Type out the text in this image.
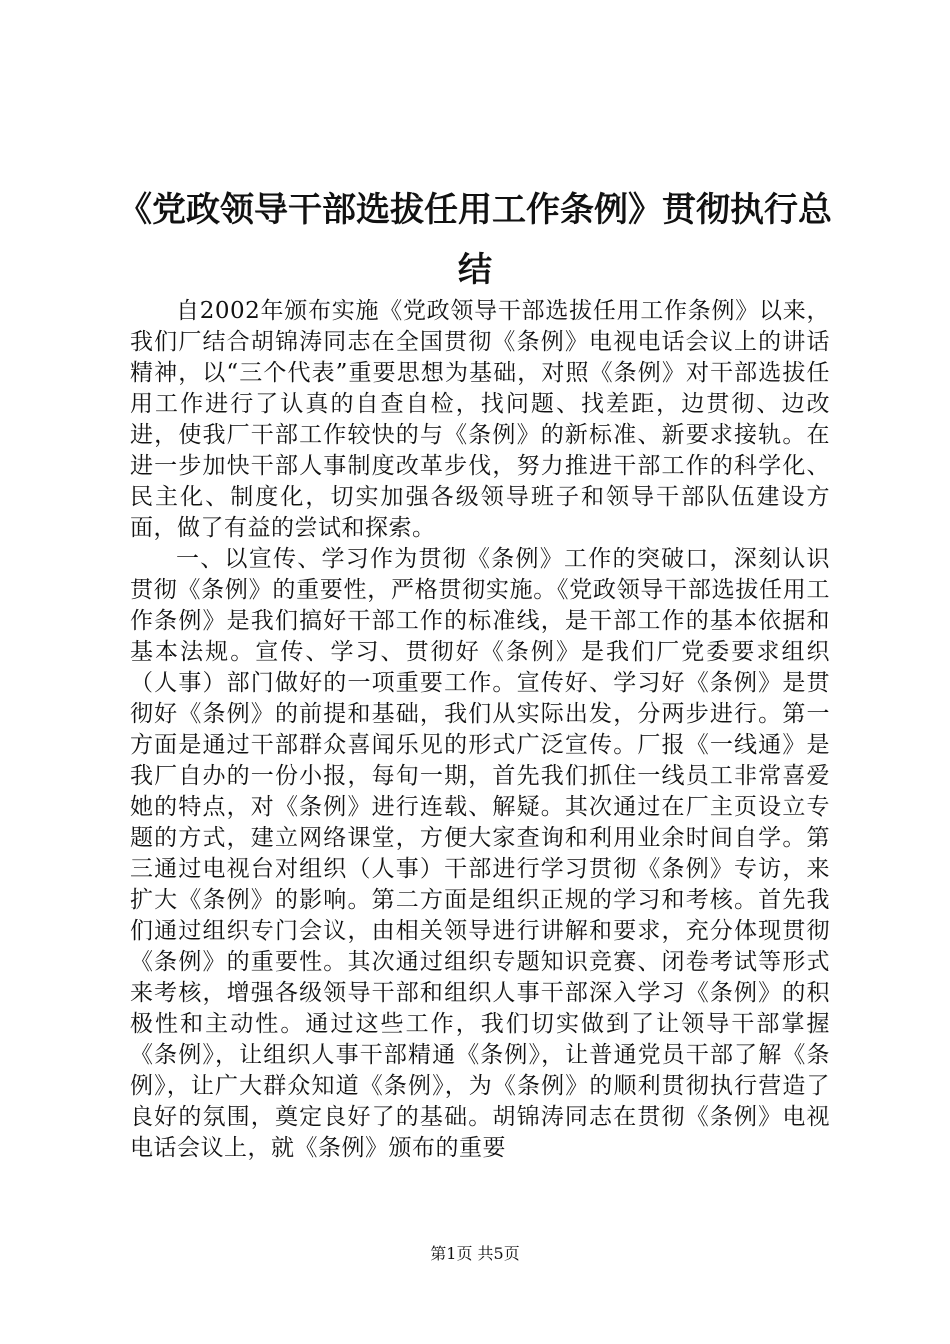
《党政领导干部选拔任用工作条例》贯彻执行总结

自2002年颁布实施《党政领导干部选拔任用工作条例》以来，我们厂结合胡锦涛同志在全国贯彻《条例》电视电话会议上的讲话精神，以“三个代表”重要思想为基础，对照《条例》对干部选拔任用工作进行了认真的自查自检，找问题、找差距，边贯彻、边改进，使我厂干部工作较快的与《条例》的新标准、新要求接轨。在进一步加快干部人事制度改革步伐，努力推进干部工作的科学化、民主化、制度化，切实加强各级领导班子和领导干部队伍建设方面，做了有益的尝试和探索。

一、以宣传、学习作为贯彻《条例》工作的突破口，深刻认识贯彻《条例》的重要性，严格贯彻实施。《党政领导干部选拔任用工作条例》是我们搞好干部工作的标准线，是干部工作的基本依据和基本法规。宣传、学习、贯彻好《条例》是我们厂党委要求组织（人事）部门做好的一项重要工作。宣传好、学习好《条例》是贯彻好《条例》的前提和基础，我们从实际出发，分两步进行。第一方面是通过干部群众喜闻乐见的形式广泛宣传。厂报《一线通》是我厂自办的一份小报，每旬一期，首先我们抓住一线员工非常喜爱她的特点，对《条例》进行连载、解疑。其次通过在厂主页设立专题的方式，建立网络课堂，方便大家查询和利用业余时间自学。第三通过电视台对组织（人事）干部进行学习贯彻《条例》专访，来扩大《条例》的影响。第二方面是组织正规的学习和考核。首先我们通过组织专门会议，由相关领导进行讲解和要求，充分体现贯彻《条例》的重要性。其次通过组织专题知识竞赛、闭卷考试等形式来考核，增强各级领导干部和组织人事干部深入学习《条例》的积极性和主动性。通过这些工作，我们切实做到了让领导干部掌握《条例》，让组织人事干部精通《条例》，让普通党员干部了解《条例》，让广大群众知道《条例》，为《条例》的顺利贯彻执行营造了良好的氛围，奠定良好了的基础。胡锦涛同志在贯彻《条例》电视电话会议上，就《条例》颁布的重要

第1页 共5页
